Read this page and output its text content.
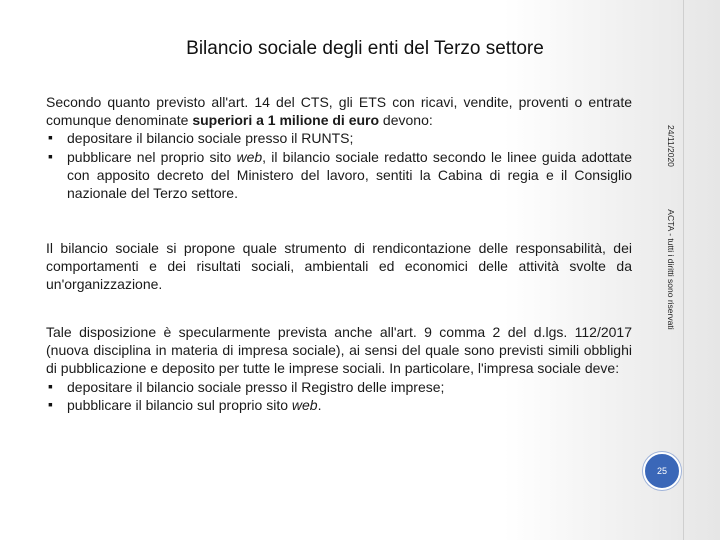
Bilancio sociale degli enti del Terzo settore

Secondo quanto previsto all'art. 14 del CTS, gli ETS con ricavi, vendite, proventi o entrate comunque denominate superiori a 1 milione di euro devono:

▪ depositare il bilancio sociale presso il RUNTS;
▪ pubblicare nel proprio sito web, il bilancio sociale redatto secondo le linee guida adottate con apposito decreto del Ministero del lavoro, sentiti la Cabina di regia e il Consiglio nazionale del Terzo settore.

Il bilancio sociale si propone quale strumento di rendicontazione delle responsabilità, dei comportamenti e dei risultati sociali, ambientali ed economici delle attività svolte da un'organizzazione.

Tale disposizione è specularmente prevista anche all'art. 9 comma 2 del d.lgs. 112/2017 (nuova disciplina in materia di impresa sociale), ai sensi del quale sono previsti simili obblighi di pubblicazione e deposito per tutte le imprese sociali. In particolare, l'impresa sociale deve:

▪ depositare il bilancio sociale presso il Registro delle imprese;
▪ pubblicare il bilancio sul proprio sito web.
24/11/2020 ACTA - tutti i diritti sono riservati
25
